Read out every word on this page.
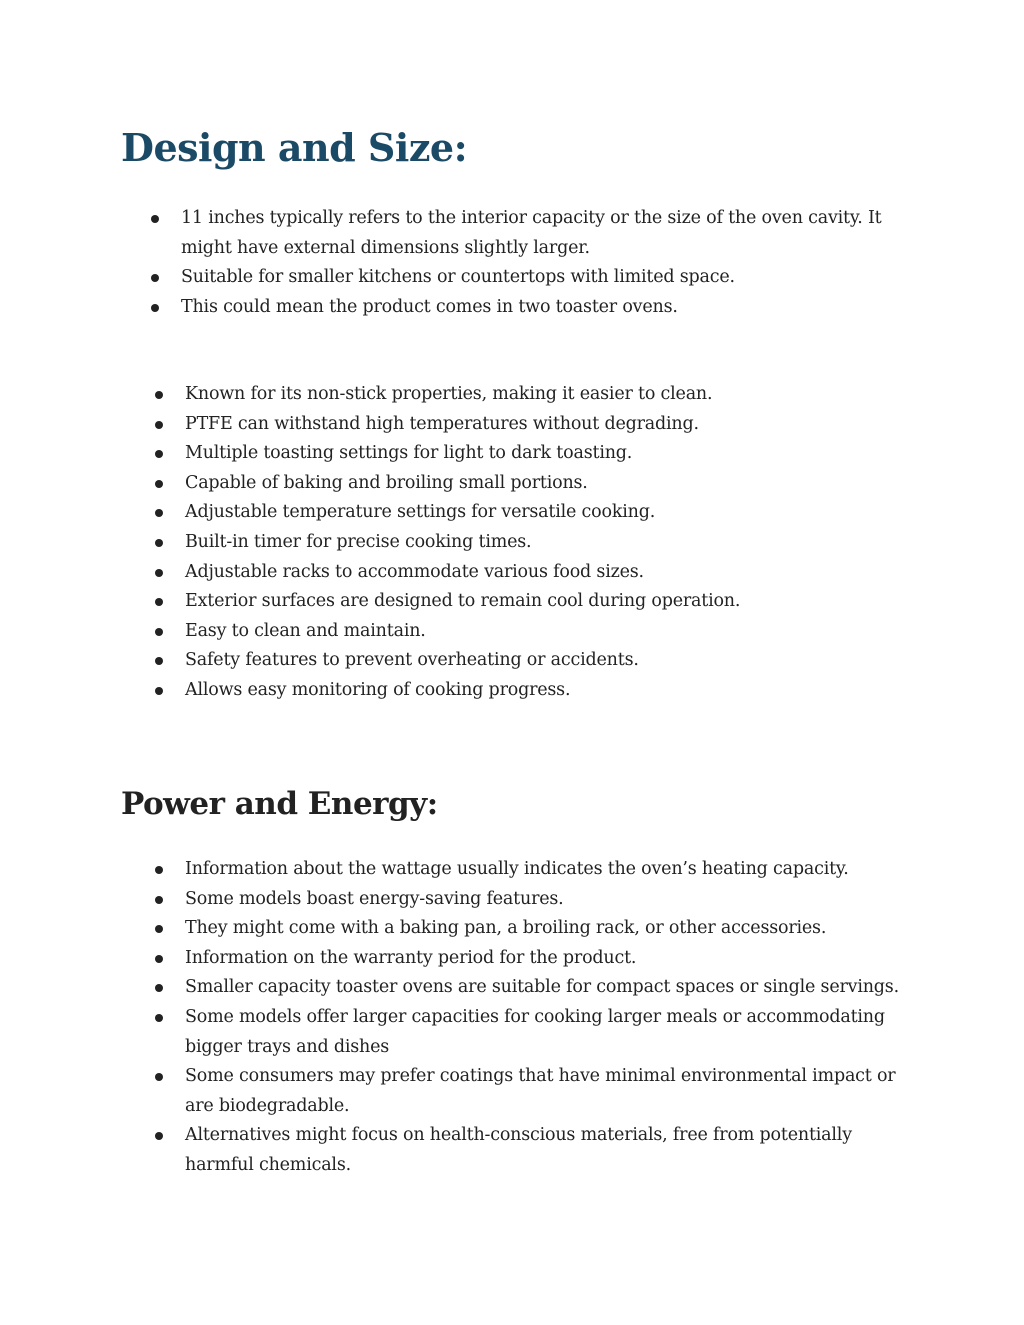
Design and Size:
11 inches typically refers to the interior capacity or the size of the oven cavity. It might have external dimensions slightly larger.
Suitable for smaller kitchens or countertops with limited space.
This could mean the product comes in two toaster ovens.
Known for its non-stick properties, making it easier to clean.
PTFE can withstand high temperatures without degrading.
Multiple toasting settings for light to dark toasting.
Capable of baking and broiling small portions.
Adjustable temperature settings for versatile cooking.
Built-in timer for precise cooking times.
Adjustable racks to accommodate various food sizes.
Exterior surfaces are designed to remain cool during operation.
Easy to clean and maintain.
Safety features to prevent overheating or accidents.
Allows easy monitoring of cooking progress.
Power and Energy:
Information about the wattage usually indicates the oven’s heating capacity.
Some models boast energy-saving features.
They might come with a baking pan, a broiling rack, or other accessories.
Information on the warranty period for the product.
Smaller capacity toaster ovens are suitable for compact spaces or single servings.
Some models offer larger capacities for cooking larger meals or accommodating bigger trays and dishes
Some consumers may prefer coatings that have minimal environmental impact or are biodegradable.
Alternatives might focus on health-conscious materials, free from potentially harmful chemicals.
